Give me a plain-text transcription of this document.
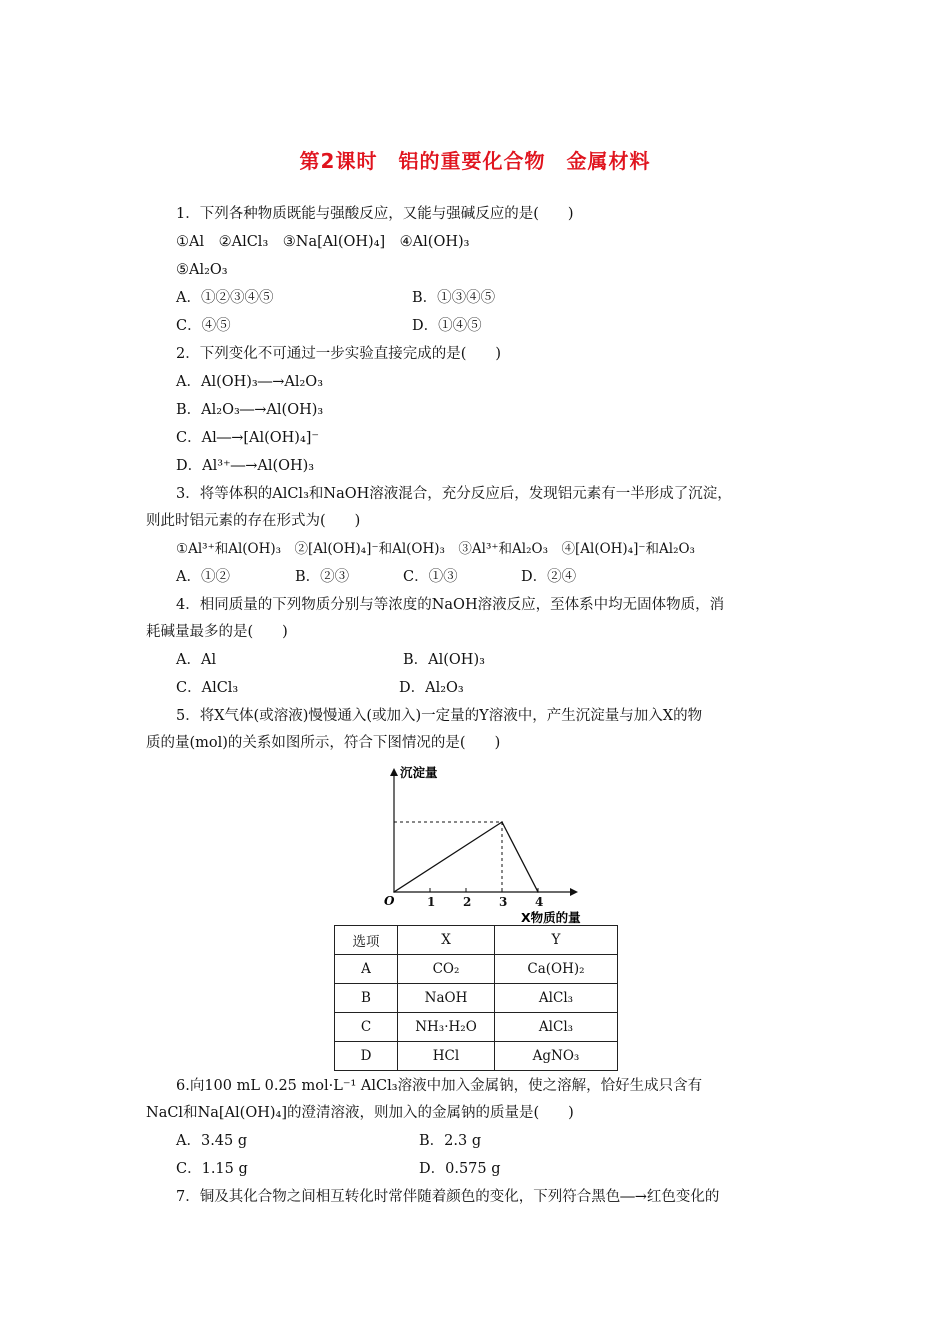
第2课时　铝的重要化合物　金属材料
1．下列各种物质既能与强酸反应，又能与强碱反应的是(　　)
①Al　②AlCl₃　③Na[Al(OH)₄]　④Al(OH)₃
⑤Al₂O₃
A．①②③④⑤	B．①③④⑤
C．④⑤	D．①④⑤
2．下列变化不可通过一步实验直接完成的是(　　)
A．Al(OH)₃―→Al₂O₃
B．Al₂O₃―→Al(OH)₃
C．Al―→[Al(OH)₄]⁻
D．Al³⁺―→Al(OH)₃
3．将等体积的AlCl₃和NaOH溶液混合，充分反应后，发现铝元素有一半形成了沉淀，
则此时铝元素的存在形式为(　　)
①Al³⁺和Al(OH)₃　②[Al(OH)₄]⁻和Al(OH)₃　③Al³⁺和Al₂O₃　④[Al(OH)₄]⁻和Al₂O₃
A．①②	B．②③	C．①③	D．②④
4．相同质量的下列物质分别与等浓度的NaOH溶液反应，至体系中均无固体物质，消
耗碱量最多的是(　　)
A．Al	B．Al(OH)₃
C．AlCl₃	D．Al₂O₃
5．将X气体(或溶液)慢慢通入(或加入)一定量的Y溶液中，产生沉淀量与加入X的物
质的量(mol)的关系如图所示，符合下图情况的是(　　)
1 2 3 4
沉淀量
O
X物质的量
选项	X	Y
A	CO₂	Ca(OH)₂
B	NaOH	AlCl₃
C	NH₃·H₂O	AlCl₃
D	HCl	AgNO₃
6.向100 mL 0.25 mol·L⁻¹ AlCl₃溶液中加入金属钠，使之溶解，恰好生成只含有
NaCl和Na[Al(OH)₄]的澄清溶液，则加入的金属钠的质量是(　　)
A．3.45 g	B．2.3 g
C．1.15 g	D．0.575 g
7．铜及其化合物之间相互转化时常伴随着颜色的变化，下列符合黑色―→红色变化的
